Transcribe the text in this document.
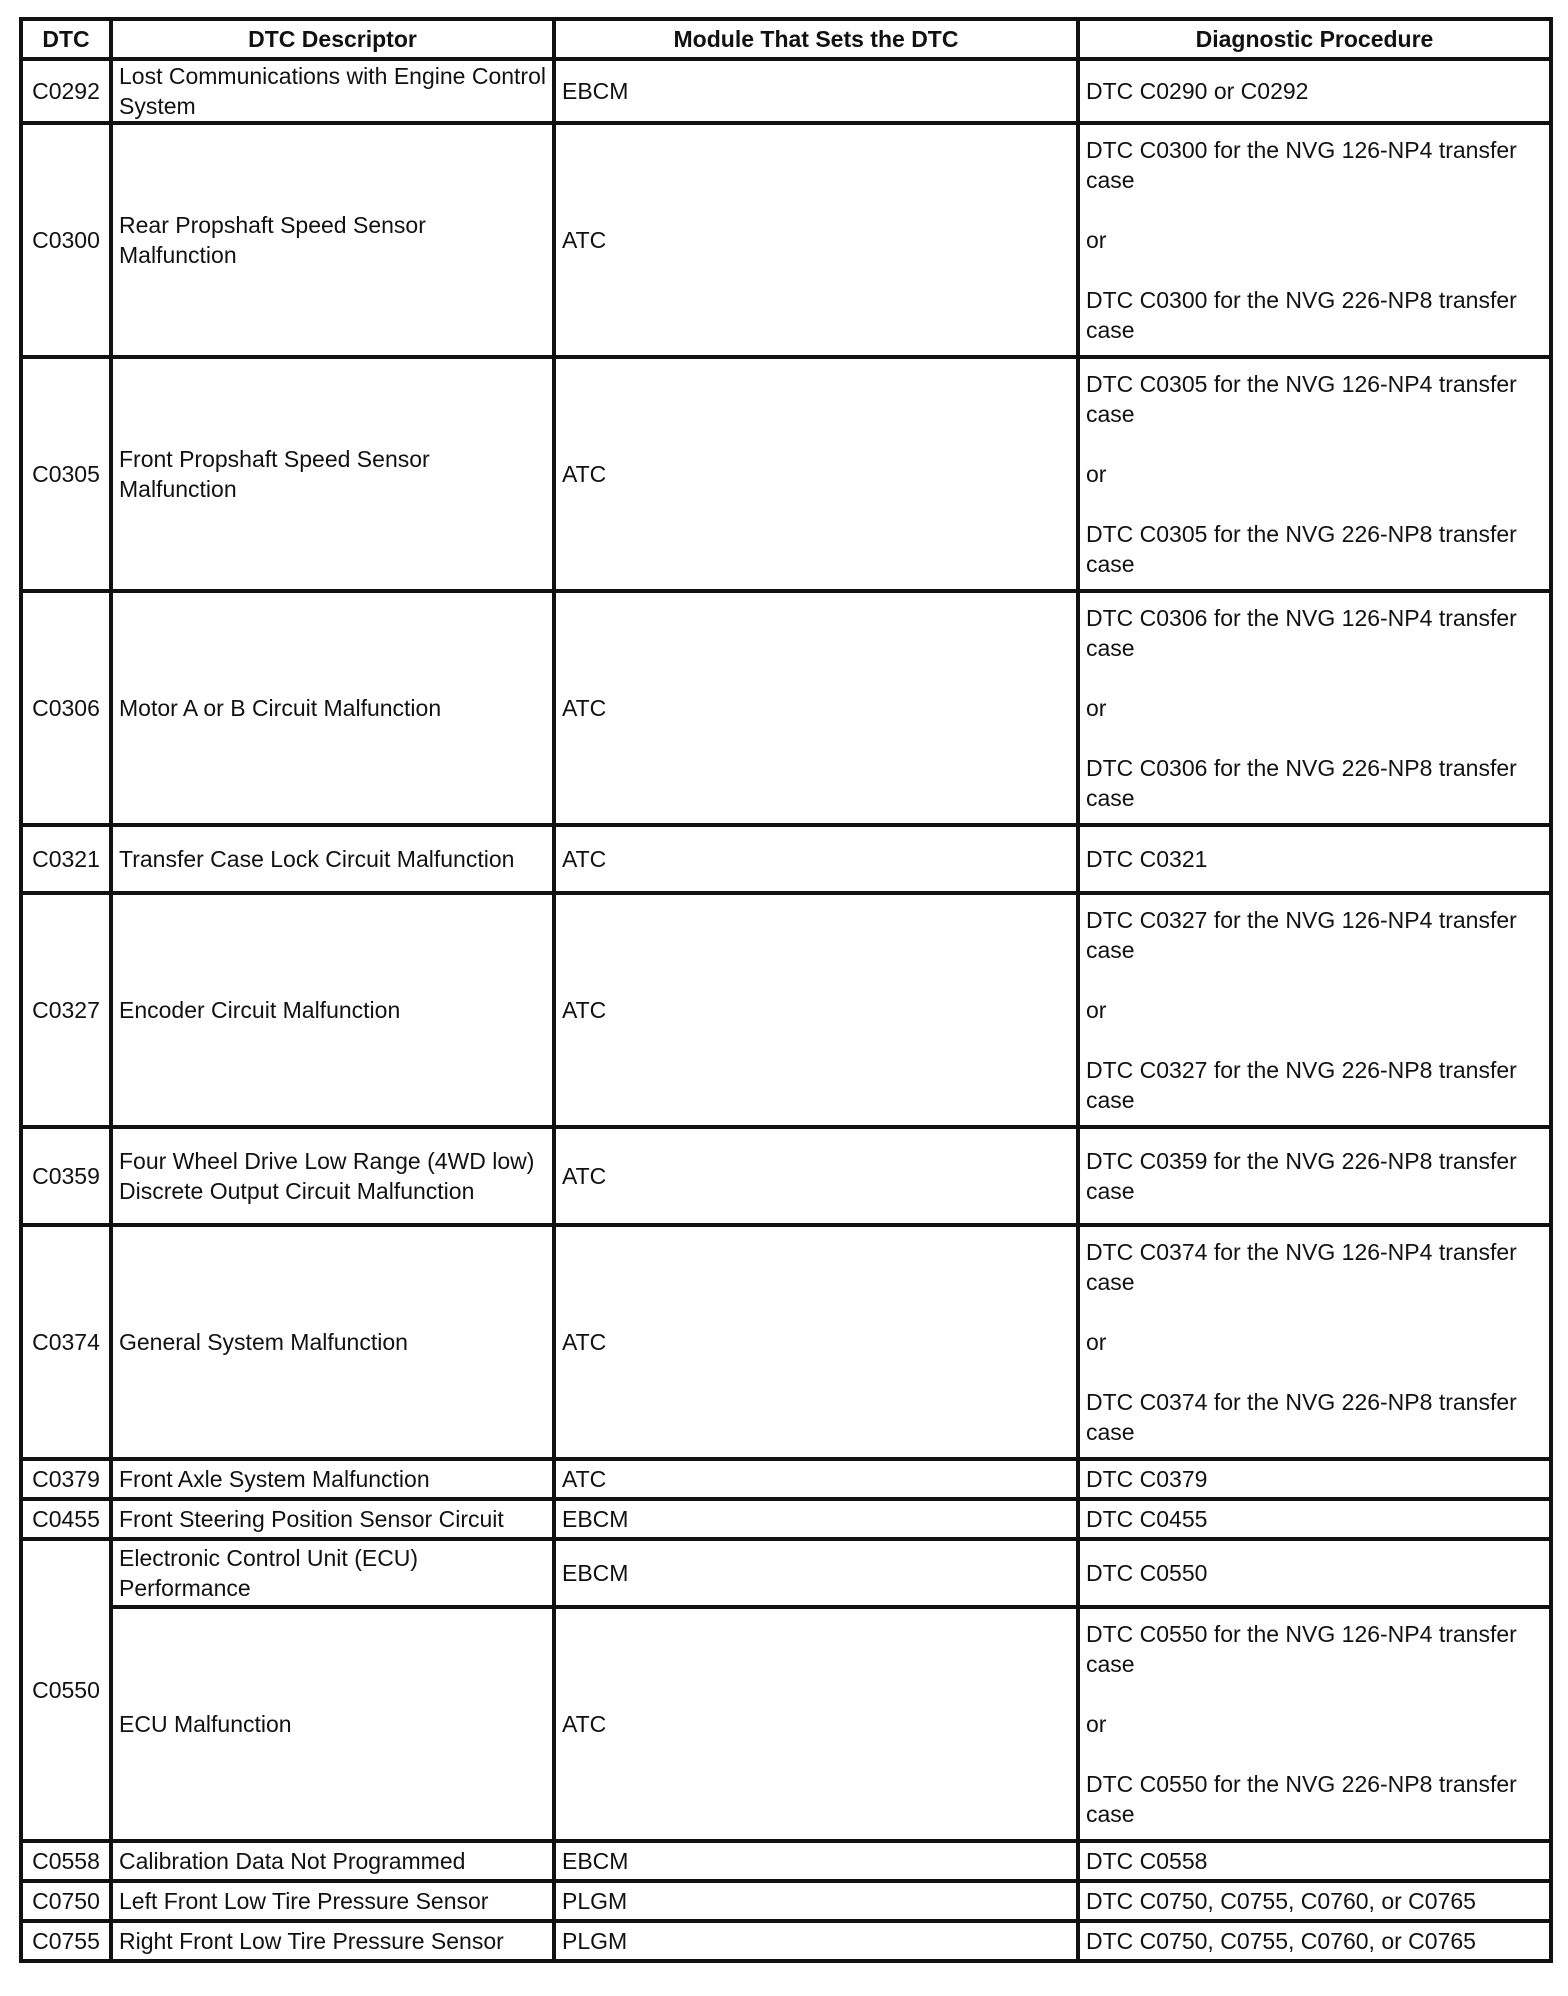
DTC	DTC Descriptor	Module That Sets the DTC	Diagnostic Procedure
C0292	Lost Communications with Engine Control System	EBCM	DTC C0290 or C0292
C0300	Rear Propshaft Speed Sensor Malfunction	ATC	DTC C0300 for the NVG 126-NP4 transfer case
or
DTC C0300 for the NVG 226-NP8 transfer case

C0305	Front Propshaft Speed Sensor Malfunction	ATC	DTC C0305 for the NVG 126-NP4 transfer case
or
DTC C0305 for the NVG 226-NP8 transfer case

C0306	Motor A or B Circuit Malfunction	ATC	DTC C0306 for the NVG 126-NP4 transfer case
or
DTC C0306 for the NVG 226-NP8 transfer case

C0321	Transfer Case Lock Circuit Malfunction	ATC	DTC C0321
C0327	Encoder Circuit Malfunction	ATC	DTC C0327 for the NVG 126-NP4 transfer case
or
DTC C0327 for the NVG 226-NP8 transfer case

C0359	Four Wheel Drive Low Range (4WD low) Discrete Output Circuit Malfunction	ATC	DTC C0359 for the NVG 226-NP8 transfer case
C0374	General System Malfunction	ATC	DTC C0374 for the NVG 126-NP4 transfer case
or
DTC C0374 for the NVG 226-NP8 transfer case

C0379	Front Axle System Malfunction	ATC	DTC C0379
C0455	Front Steering Position Sensor Circuit	EBCM	DTC C0455
C0550	Electronic Control Unit (ECU) Performance	EBCM	DTC C0550
	ECU Malfunction	ATC	DTC C0550 for the NVG 126-NP4 transfer case
or
DTC C0550 for the NVG 226-NP8 transfer case

C0558	Calibration Data Not Programmed	EBCM	DTC C0558
C0750	Left Front Low Tire Pressure Sensor	PLGM	DTC C0750, C0755, C0760, or C0765
C0755	Right Front Low Tire Pressure Sensor	PLGM	DTC C0750, C0755, C0760, or C0765
